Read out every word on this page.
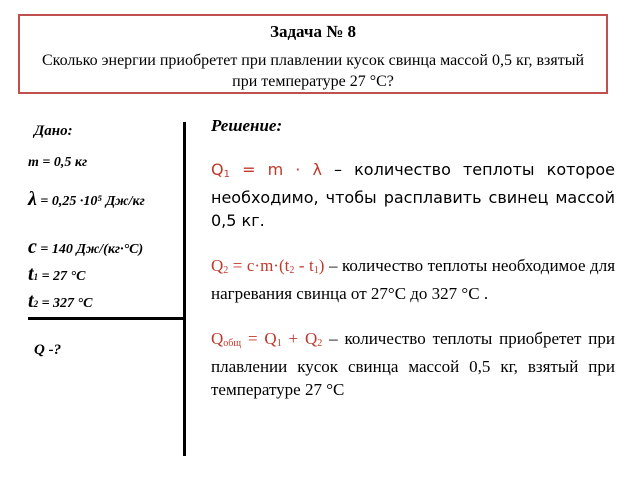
Задача № 8
Сколько энергии приобретет при плавлении кусок свинца массой 0,5 кг, взятый при температуре 27 °С?
Дано:
m = 0,5 кг
λ = 0,25 ·10⁵ Дж/кг
c = 140 Дж/(кг·°С)
t1 = 27 °С
t2 = 327 °С
Q -?
Решение:
$Q_1 = m \cdot \lambda$ – количество теплоты которое необходимо, чтобы расплавить свинец массой 0,5 кг.
$Q_2 = c\cdot m\cdot(t_2 - t_1)$ – количество теплоты необходимое для нагревания свинца от 27°С до 327 °С .
$Q_{общ} = Q_1 + Q_2$ – количество теплоты приобретет при плавлении кусок свинца массой 0,5 кг, взятый при температуре 27 °С
